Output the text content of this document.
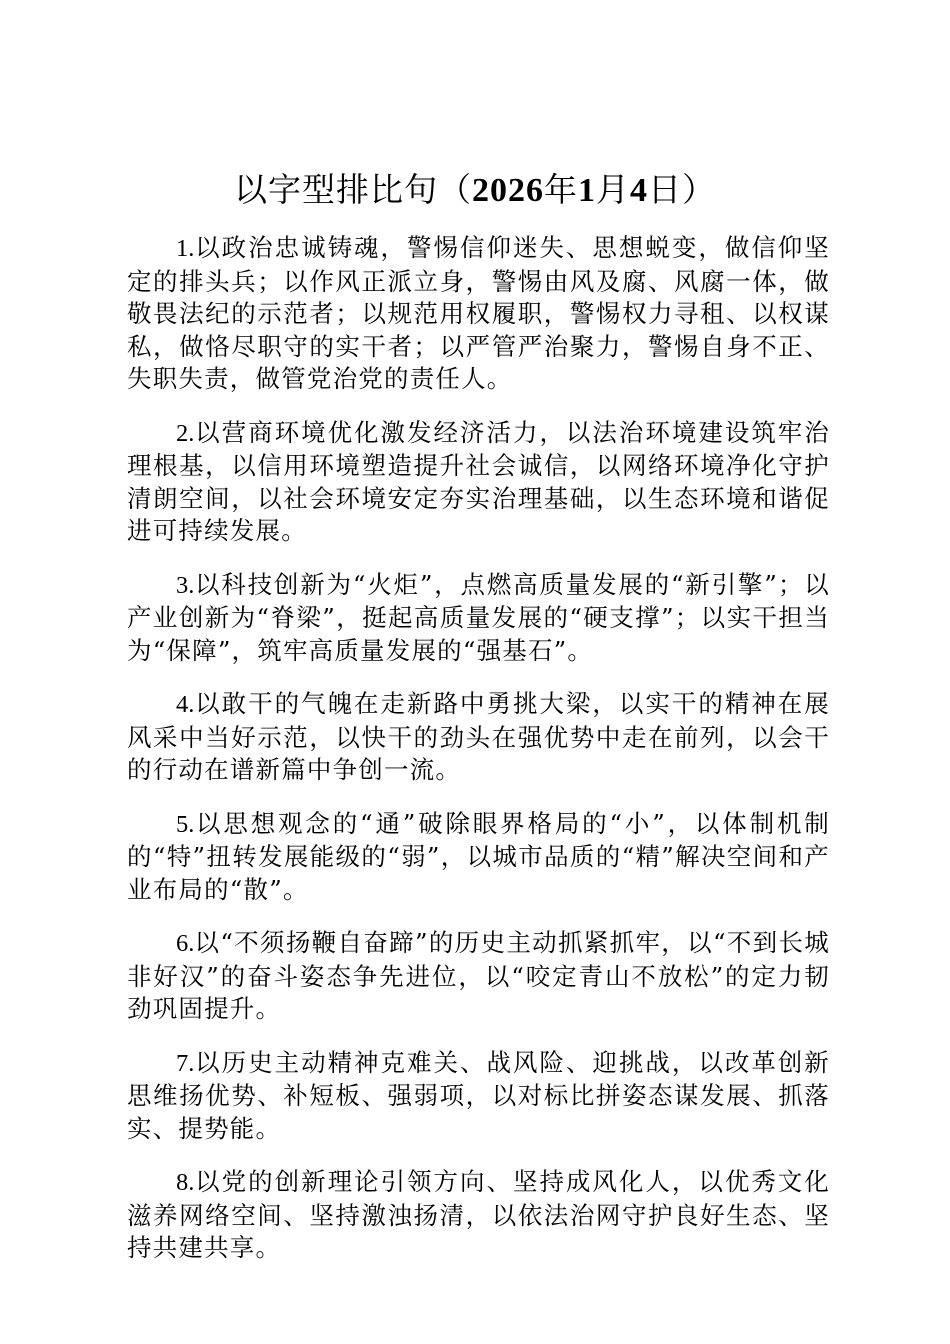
以字型排比句（2026年1月4日）

1.以政治忠诚铸魂，警惕信仰迷失、思想蜕变，做信仰坚定的排头兵；以作风正派立身，警惕由风及腐、风腐一体，做敬畏法纪的示范者；以规范用权履职，警惕权力寻租、以权谋私，做恪尽职守的实干者；以严管严治聚力，警惕自身不正、失职失责，做管党治党的责任人。

2.以营商环境优化激发经济活力，以法治环境建设筑牢治理根基，以信用环境塑造提升社会诚信，以网络环境净化守护清朗空间，以社会环境安定夯实治理基础，以生态环境和谐促进可持续发展。

3.以科技创新为“火炬”，点燃高质量发展的“新引擎”；以产业创新为“脊梁”，挺起高质量发展的“硬支撑”；以实干担当为“保障”，筑牢高质量发展的“强基石”。

4.以敢干的气魄在走新路中勇挑大梁，以实干的精神在展风采中当好示范，以快干的劲头在强优势中走在前列，以会干的行动在谱新篇中争创一流。

5.以思想观念的“通”破除眼界格局的“小”，以体制机制的“特”扭转发展能级的“弱”，以城市品质的“精”解决空间和产业布局的“散”。

6.以“不须扬鞭自奋蹄”的历史主动抓紧抓牢，以“不到长城非好汉”的奋斗姿态争先进位，以“咬定青山不放松”的定力韧劲巩固提升。

7.以历史主动精神克难关、战风险、迎挑战，以改革创新思维扬优势、补短板、强弱项，以对标比拼姿态谋发展、抓落实、提势能。

8.以党的创新理论引领方向、坚持成风化人，以优秀文化滋养网络空间、坚持激浊扬清，以依法治网守护良好生态、坚持共建共享。
